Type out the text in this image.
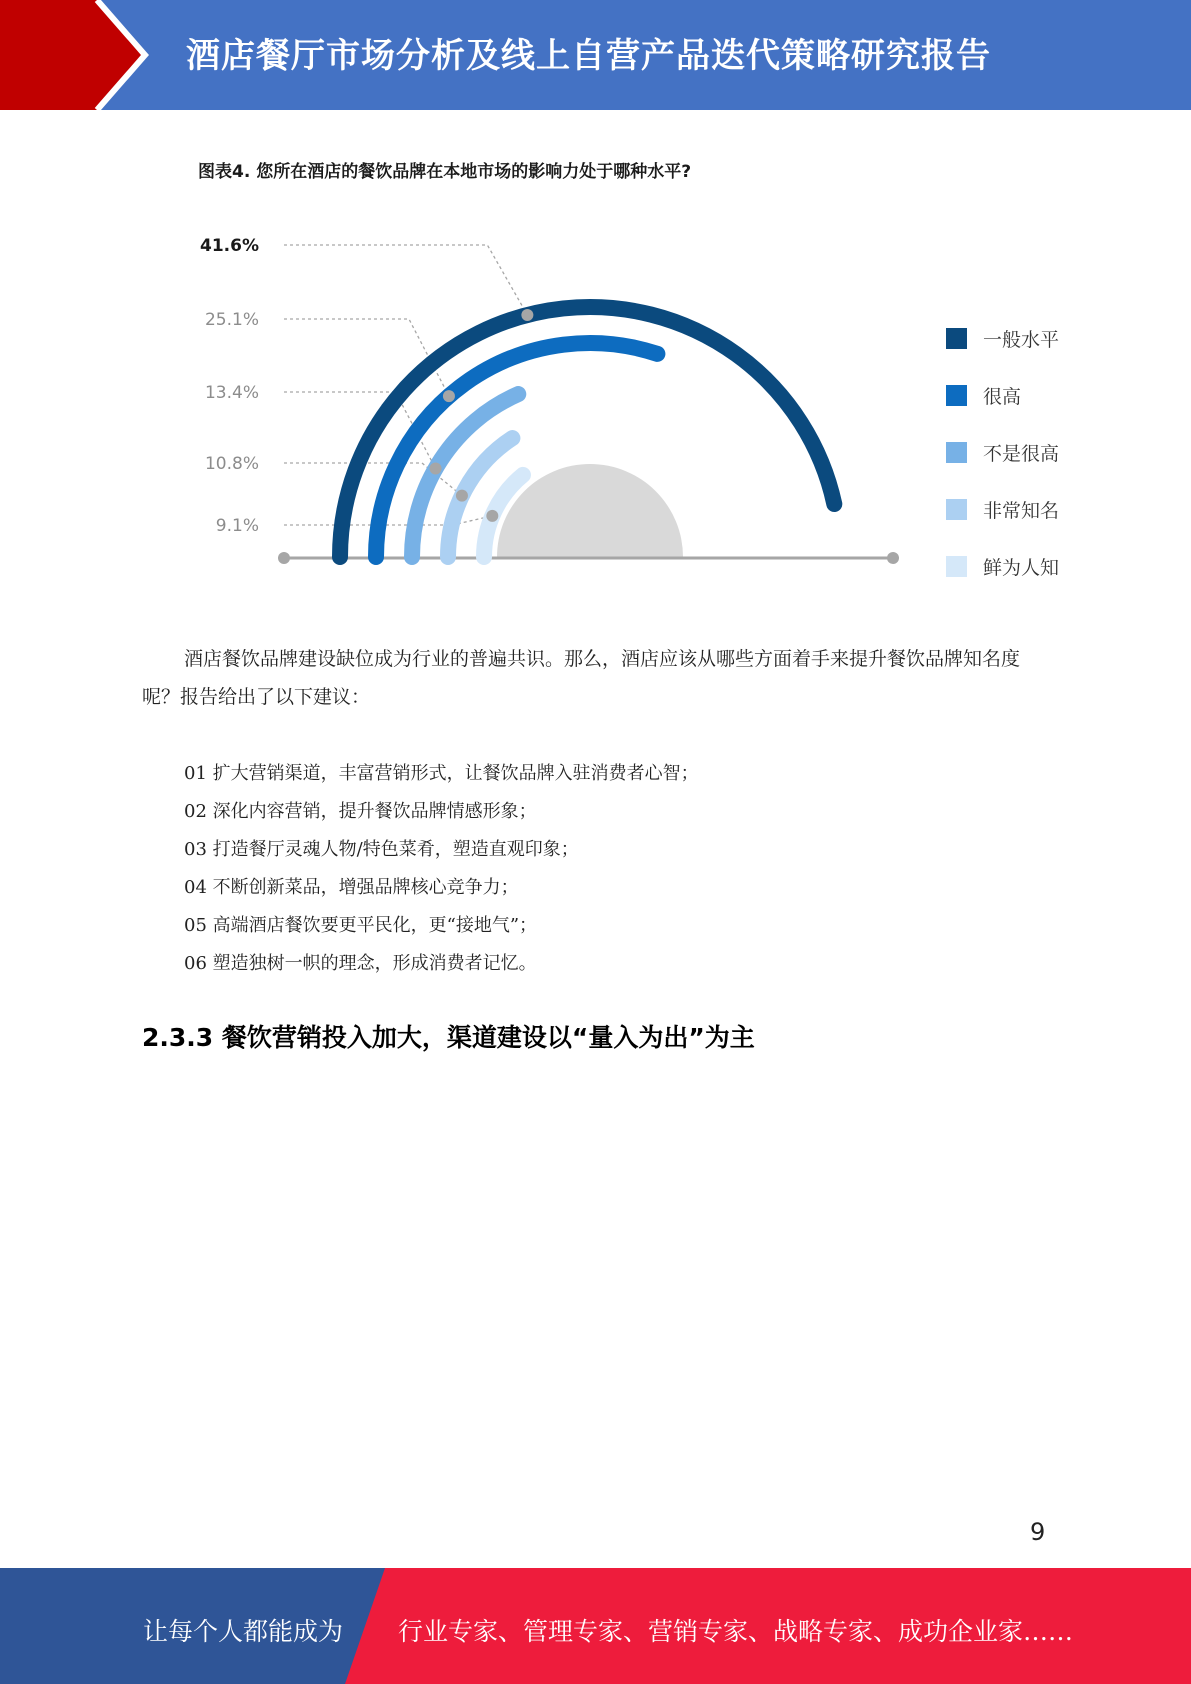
酒店餐厅市场分析及线上自营产品迭代策略研究报告
图表4. 您所在酒店的餐饮品牌在本地市场的影响力处于哪种水平?
41.6%
25.1%
13.4%
10.8%
9.1%
一般水平
很高
不是很高
非常知名
鲜为人知
酒店餐饮品牌建设缺位成为行业的普遍共识。那么，酒店应该从哪些方面着手来提升餐饮品牌知名度呢？报告给出了以下建议：
01 扩大营销渠道，丰富营销形式，让餐饮品牌入驻消费者心智；
02 深化内容营销，提升餐饮品牌情感形象；
03 打造餐厅灵魂人物/特色菜肴，塑造直观印象；
04 不断创新菜品，增强品牌核心竞争力；
05 高端酒店餐饮要更平民化，更“接地气”；
06 塑造独树一帜的理念，形成消费者记忆。
2.3.3 餐饮营销投入加大，渠道建设以“量入为出”为主
9
让每个人都能成为 行业专家、管理专家、营销专家、战略专家、成功企业家……
